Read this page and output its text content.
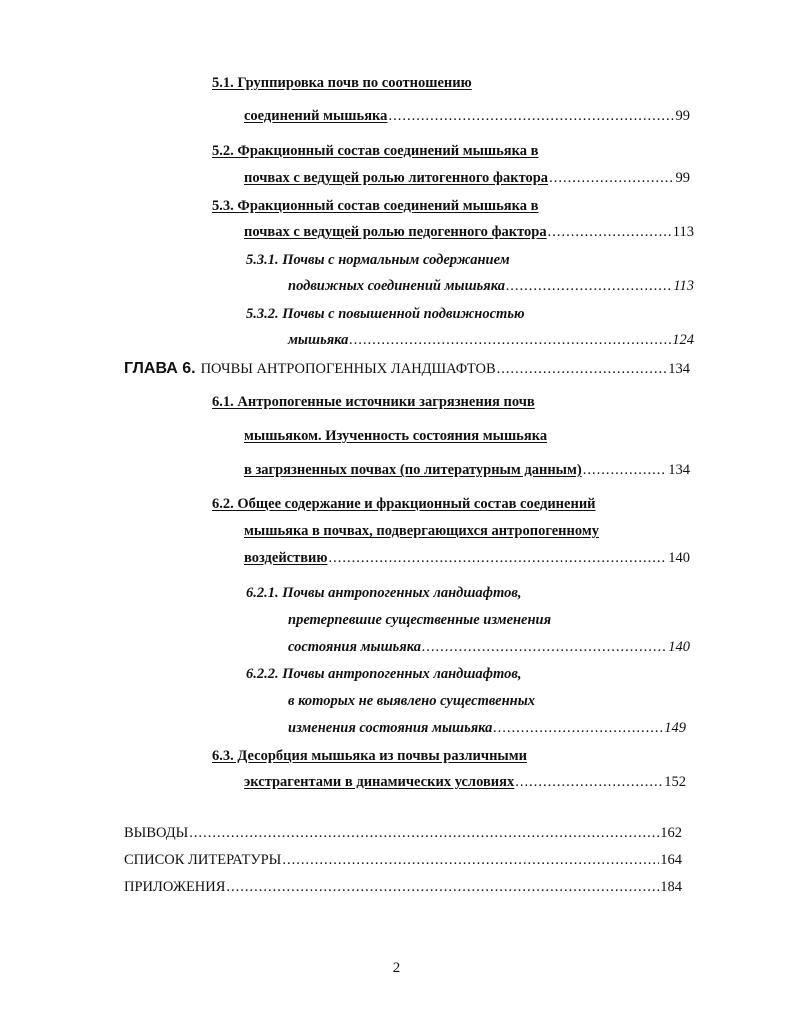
5.1. Группировка почв по соотношению
соединений мышьяка .....	99
5.2. Фракционный состав соединений мышьяка в
почвах с ведущей ролью литогенного фактора .....	99
5.3. Фракционный состав соединений мышьяка в
почвах с ведущей ролью педогенного фактора .....	113
5.3.1. Почвы с нормальным содержанием
подвижных соединений мышьяка .....	113
5.3.2. Почвы с повышенной подвижностью
мышьяка .....	124
ГЛАВА 6. ПОЧВЫ АНТРОПОГЕННЫХ ЛАНДШАФТОВ .....	134
6.1. Антропогенные источники загрязнения почв
мышьяком. Изученность состояния мышьяка
в загрязненных почвах (по литературным данным) .....	134
6.2. Общее содержание и фракционный состав соединений
мышьяка в почвах, подвергающихся антропогенному
воздействию .....	140
6.2.1. Почвы антропогенных ландшафтов,
претерпевшие существенные изменения
состояния мышьяка .....	140
6.2.2. Почвы антропогенных ландшафтов,
в которых не выявлено существенных
изменения состояния мышьяка .....	149
6.3. Десорбция мышьяка из почвы различными
экстрагентами в динамических условиях .....	152
ВЫВОДЫ .....	162
СПИСОК ЛИТЕРАТУРЫ .....	164
ПРИЛОЖЕНИЯ .....	184
2
